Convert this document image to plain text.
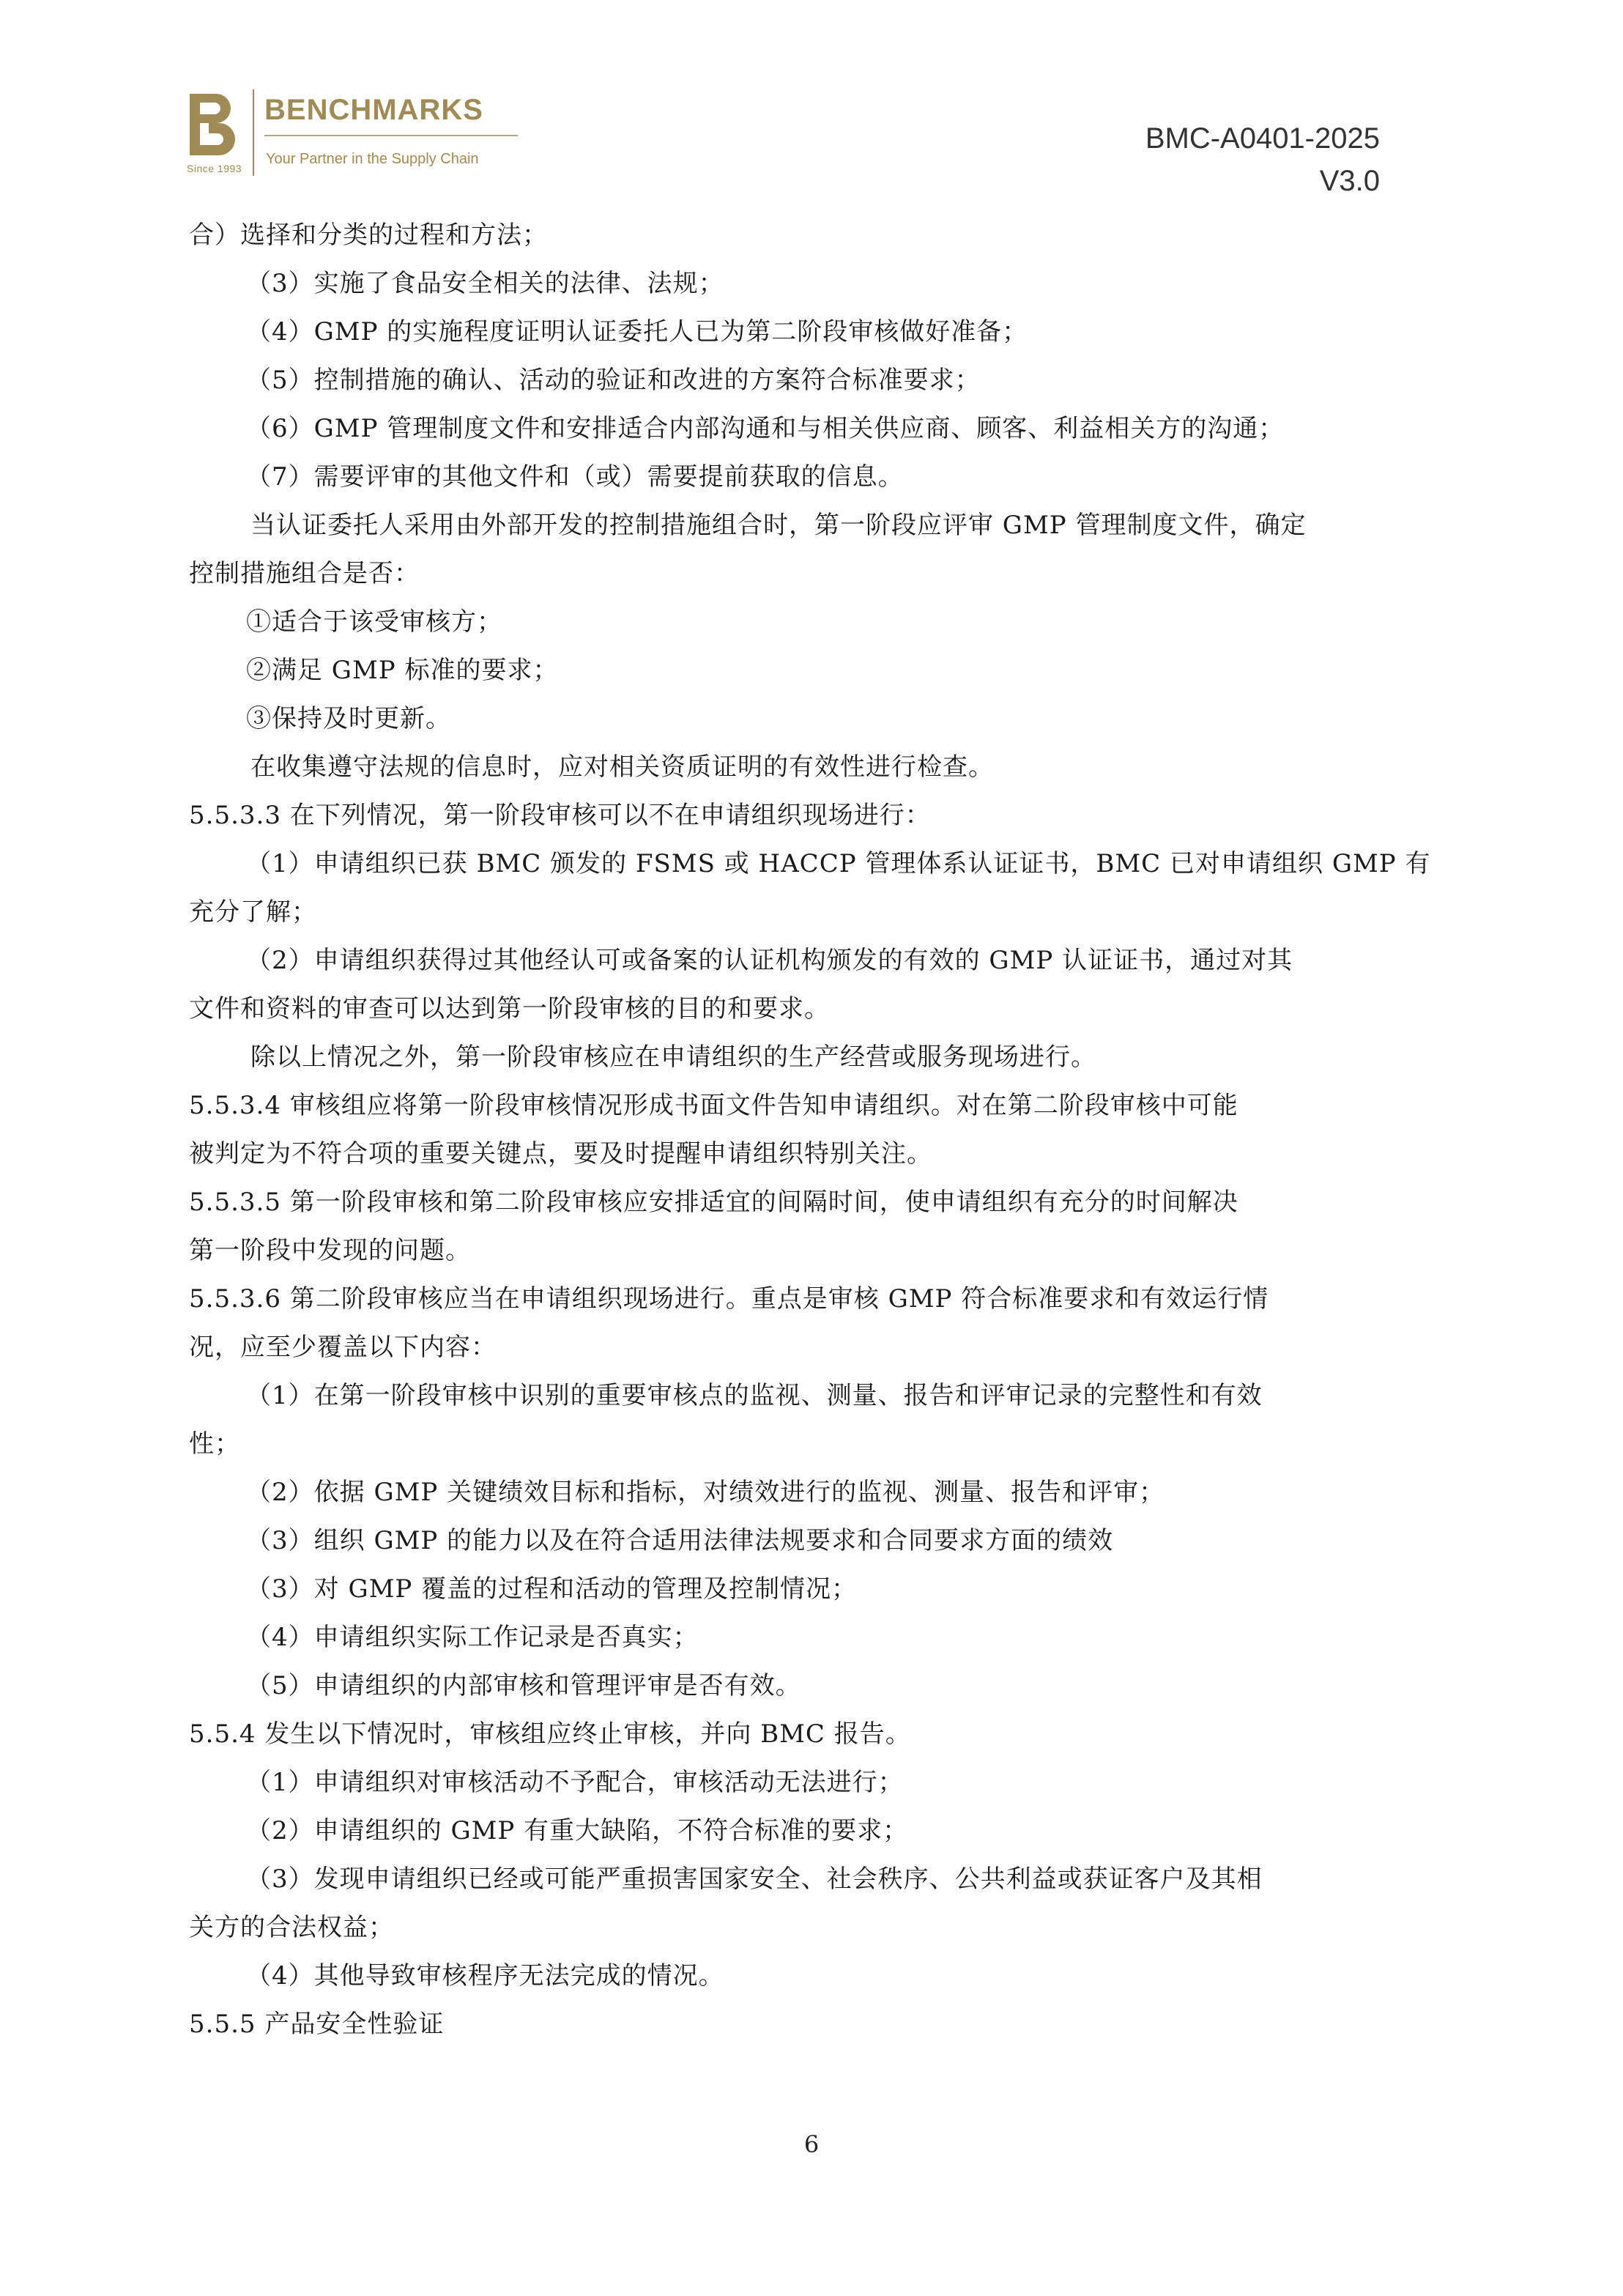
Since 1993
BENCHMARKS
Your Partner in the Supply Chain
BMC-A0401-2025
V3.0
合）选择和分类的过程和方法；
（3）实施了食品安全相关的法律、法规；
（4）GMP 的实施程度证明认证委托人已为第二阶段审核做好准备；
（5）控制措施的确认、活动的验证和改进的方案符合标准要求；
（6）GMP 管理制度文件和安排适合内部沟通和与相关供应商、顾客、利益相关方的沟通；
（7）需要评审的其他文件和（或）需要提前获取的信息。
当认证委托人采用由外部开发的控制措施组合时，第一阶段应评审 GMP 管理制度文件，确定
控制措施组合是否：
①适合于该受审核方；
②满足 GMP 标准的要求；
③保持及时更新。
在收集遵守法规的信息时，应对相关资质证明的有效性进行检查。
5.5.3.3 在下列情况，第一阶段审核可以不在申请组织现场进行：
（1）申请组织已获 BMC 颁发的 FSMS 或 HACCP 管理体系认证证书，BMC 已对申请组织 GMP 有
充分了解；
（2）申请组织获得过其他经认可或备案的认证机构颁发的有效的 GMP 认证证书，通过对其
文件和资料的审查可以达到第一阶段审核的目的和要求。
除以上情况之外，第一阶段审核应在申请组织的生产经营或服务现场进行。
5.5.3.4 审核组应将第一阶段审核情况形成书面文件告知申请组织。对在第二阶段审核中可能
被判定为不符合项的重要关键点，要及时提醒申请组织特别关注。
5.5.3.5 第一阶段审核和第二阶段审核应安排适宜的间隔时间，使申请组织有充分的时间解决
第一阶段中发现的问题。
5.5.3.6 第二阶段审核应当在申请组织现场进行。重点是审核 GMP 符合标准要求和有效运行情
况，应至少覆盖以下内容：
（1）在第一阶段审核中识别的重要审核点的监视、测量、报告和评审记录的完整性和有效
性；
（2）依据 GMP 关键绩效目标和指标，对绩效进行的监视、测量、报告和评审；
（3）组织 GMP 的能力以及在符合适用法律法规要求和合同要求方面的绩效
（3）对 GMP 覆盖的过程和活动的管理及控制情况；
（4）申请组织实际工作记录是否真实；
（5）申请组织的内部审核和管理评审是否有效。
5.5.4 发生以下情况时，审核组应终止审核，并向 BMC 报告。
（1）申请组织对审核活动不予配合，审核活动无法进行；
（2）申请组织的 GMP 有重大缺陷，不符合标准的要求；
（3）发现申请组织已经或可能严重损害国家安全、社会秩序、公共利益或获证客户及其相
关方的合法权益；
（4）其他导致审核程序无法完成的情况。
5.5.5 产品安全性验证
6
